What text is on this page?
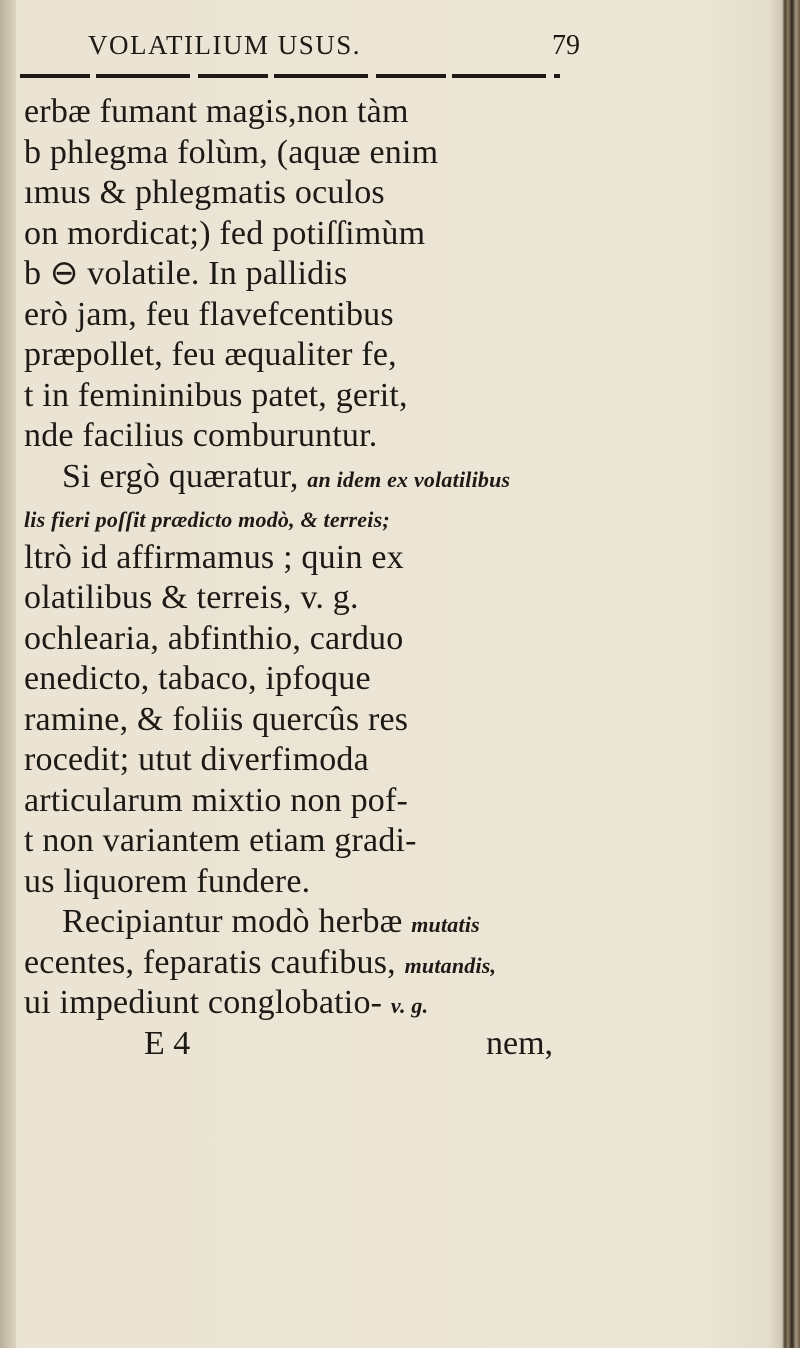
VOLATILIUM USUS.	79
erbæ fumant magis,non tàm
b phlegma folùm, (aquæ enim
ımus & phlegmatis oculos
on mordicat;) fed potiſſimùm
b ⊖ volatile. In pallidis
erò jam, feu flavefcentibus
præpollet, feu æqualiter fe,
t in femininibus patet, gerit,
nde facilius comburuntur.
Si ergò quæratur, an idem ex volatilibus
lis fieri poſſit prædicto modò, & terreis;
ltrò id affirmamus ; quin ex
olatilibus & terreis, v. g.
ochlearia, abfinthio, carduo
enedicto, tabaco, ipfoque
ramine, & foliis quercûs res
rocedit; utut diverfimoda
articularum mixtio non pof-
t non variantem etiam gradi-
us liquorem fundere.
Recipiantur modò herbæ mutatis
ecentes, feparatis caufibus, mutandis,
ui impediunt conglobatio- v. g.
E 4	nem,
